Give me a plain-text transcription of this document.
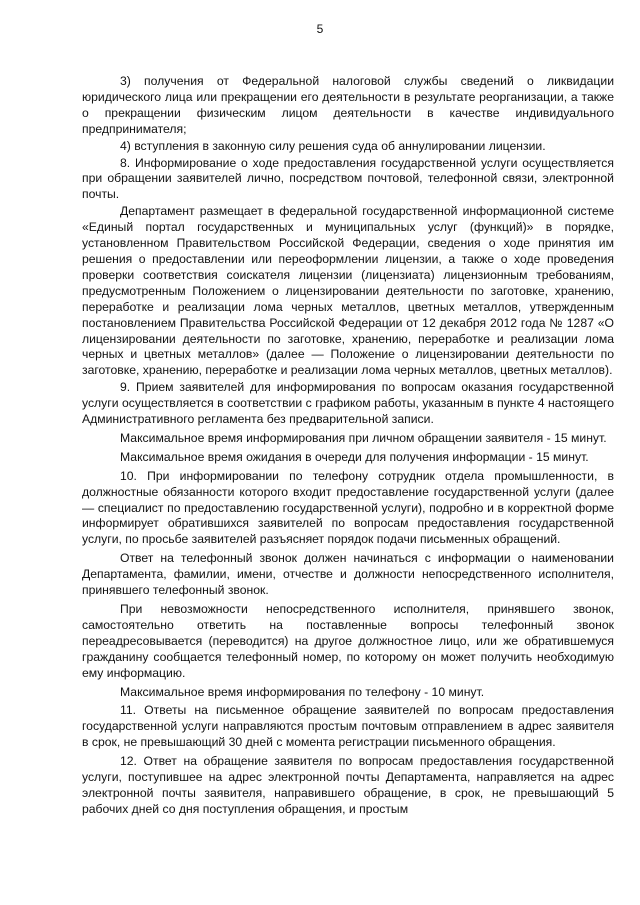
5

3) получения от Федеральной налоговой службы сведений о ликвидации юридического лица или прекращении его деятельности в результате реорганизации, а также о прекращении физическим лицом деятельности в качестве индивидуального предпринимателя;

4) вступления в законную силу решения суда об аннулировании лицензии.

8. Информирование о ходе предоставления государственной услуги осуществляется при обращении заявителей лично, посредством почтовой, телефонной связи, электронной почты.

Департамент размещает в федеральной государственной информационной системе «Единый портал государственных и муниципальных услуг (функций)» в порядке, установленном Правительством Российской Федерации, сведения о ходе принятия им решения о предоставлении или переоформлении лицензии, а также о ходе проведения проверки соответствия соискателя лицензии (лицензиата) лицензионным требованиям, предусмотренным Положением о лицензировании деятельности по заготовке, хранению, переработке и реализации лома черных металлов, цветных металлов, утвержденным постановлением Правительства Российской Федерации от 12 декабря 2012 года № 1287 «О лицензировании деятельности по заготовке, хранению, переработке и реализации лома черных и цветных металлов» (далее — Положение о лицензировании деятельности по заготовке, хранению, переработке и реализации лома черных металлов, цветных металлов).

9. Прием заявителей для информирования по вопросам оказания государственной услуги осуществляется в соответствии с графиком работы, указанным в пункте 4 настоящего Административного регламента без предварительной записи.

Максимальное время информирования при личном обращении заявителя - 15 минут.

Максимальное время ожидания в очереди для получения информации - 15 минут.

10. При информировании по телефону сотрудник отдела промышленности, в должностные обязанности которого входит предоставление государственной услуги (далее — специалист по предоставлению государственной услуги), подробно и в корректной форме информирует обратившихся заявителей по вопросам предоставления государственной услуги, по просьбе заявителей разъясняет порядок подачи письменных обращений.

Ответ на телефонный звонок должен начинаться с информации о наименовании Департамента, фамилии, имени, отчестве и должности непосредственного исполнителя, принявшего телефонный звонок.

При невозможности непосредственного исполнителя, принявшего звонок, самостоятельно ответить на поставленные вопросы телефонный звонок переадресовывается (переводится) на другое должностное лицо, или же обратившемуся гражданину сообщается телефонный номер, по которому он может получить необходимую ему информацию.

Максимальное время информирования по телефону - 10 минут.

11. Ответы на письменное обращение заявителей по вопросам предоставления государственной услуги направляются простым почтовым отправлением в адрес заявителя в срок, не превышающий 30 дней с момента регистрации письменного обращения.

12. Ответ на обращение заявителя по вопросам предоставления государственной услуги, поступившее на адрес электронной почты Департамента, направляется на адрес электронной почты заявителя, направившего обращение, в срок, не превышающий 5 рабочих дней со дня поступления обращения, и простым
